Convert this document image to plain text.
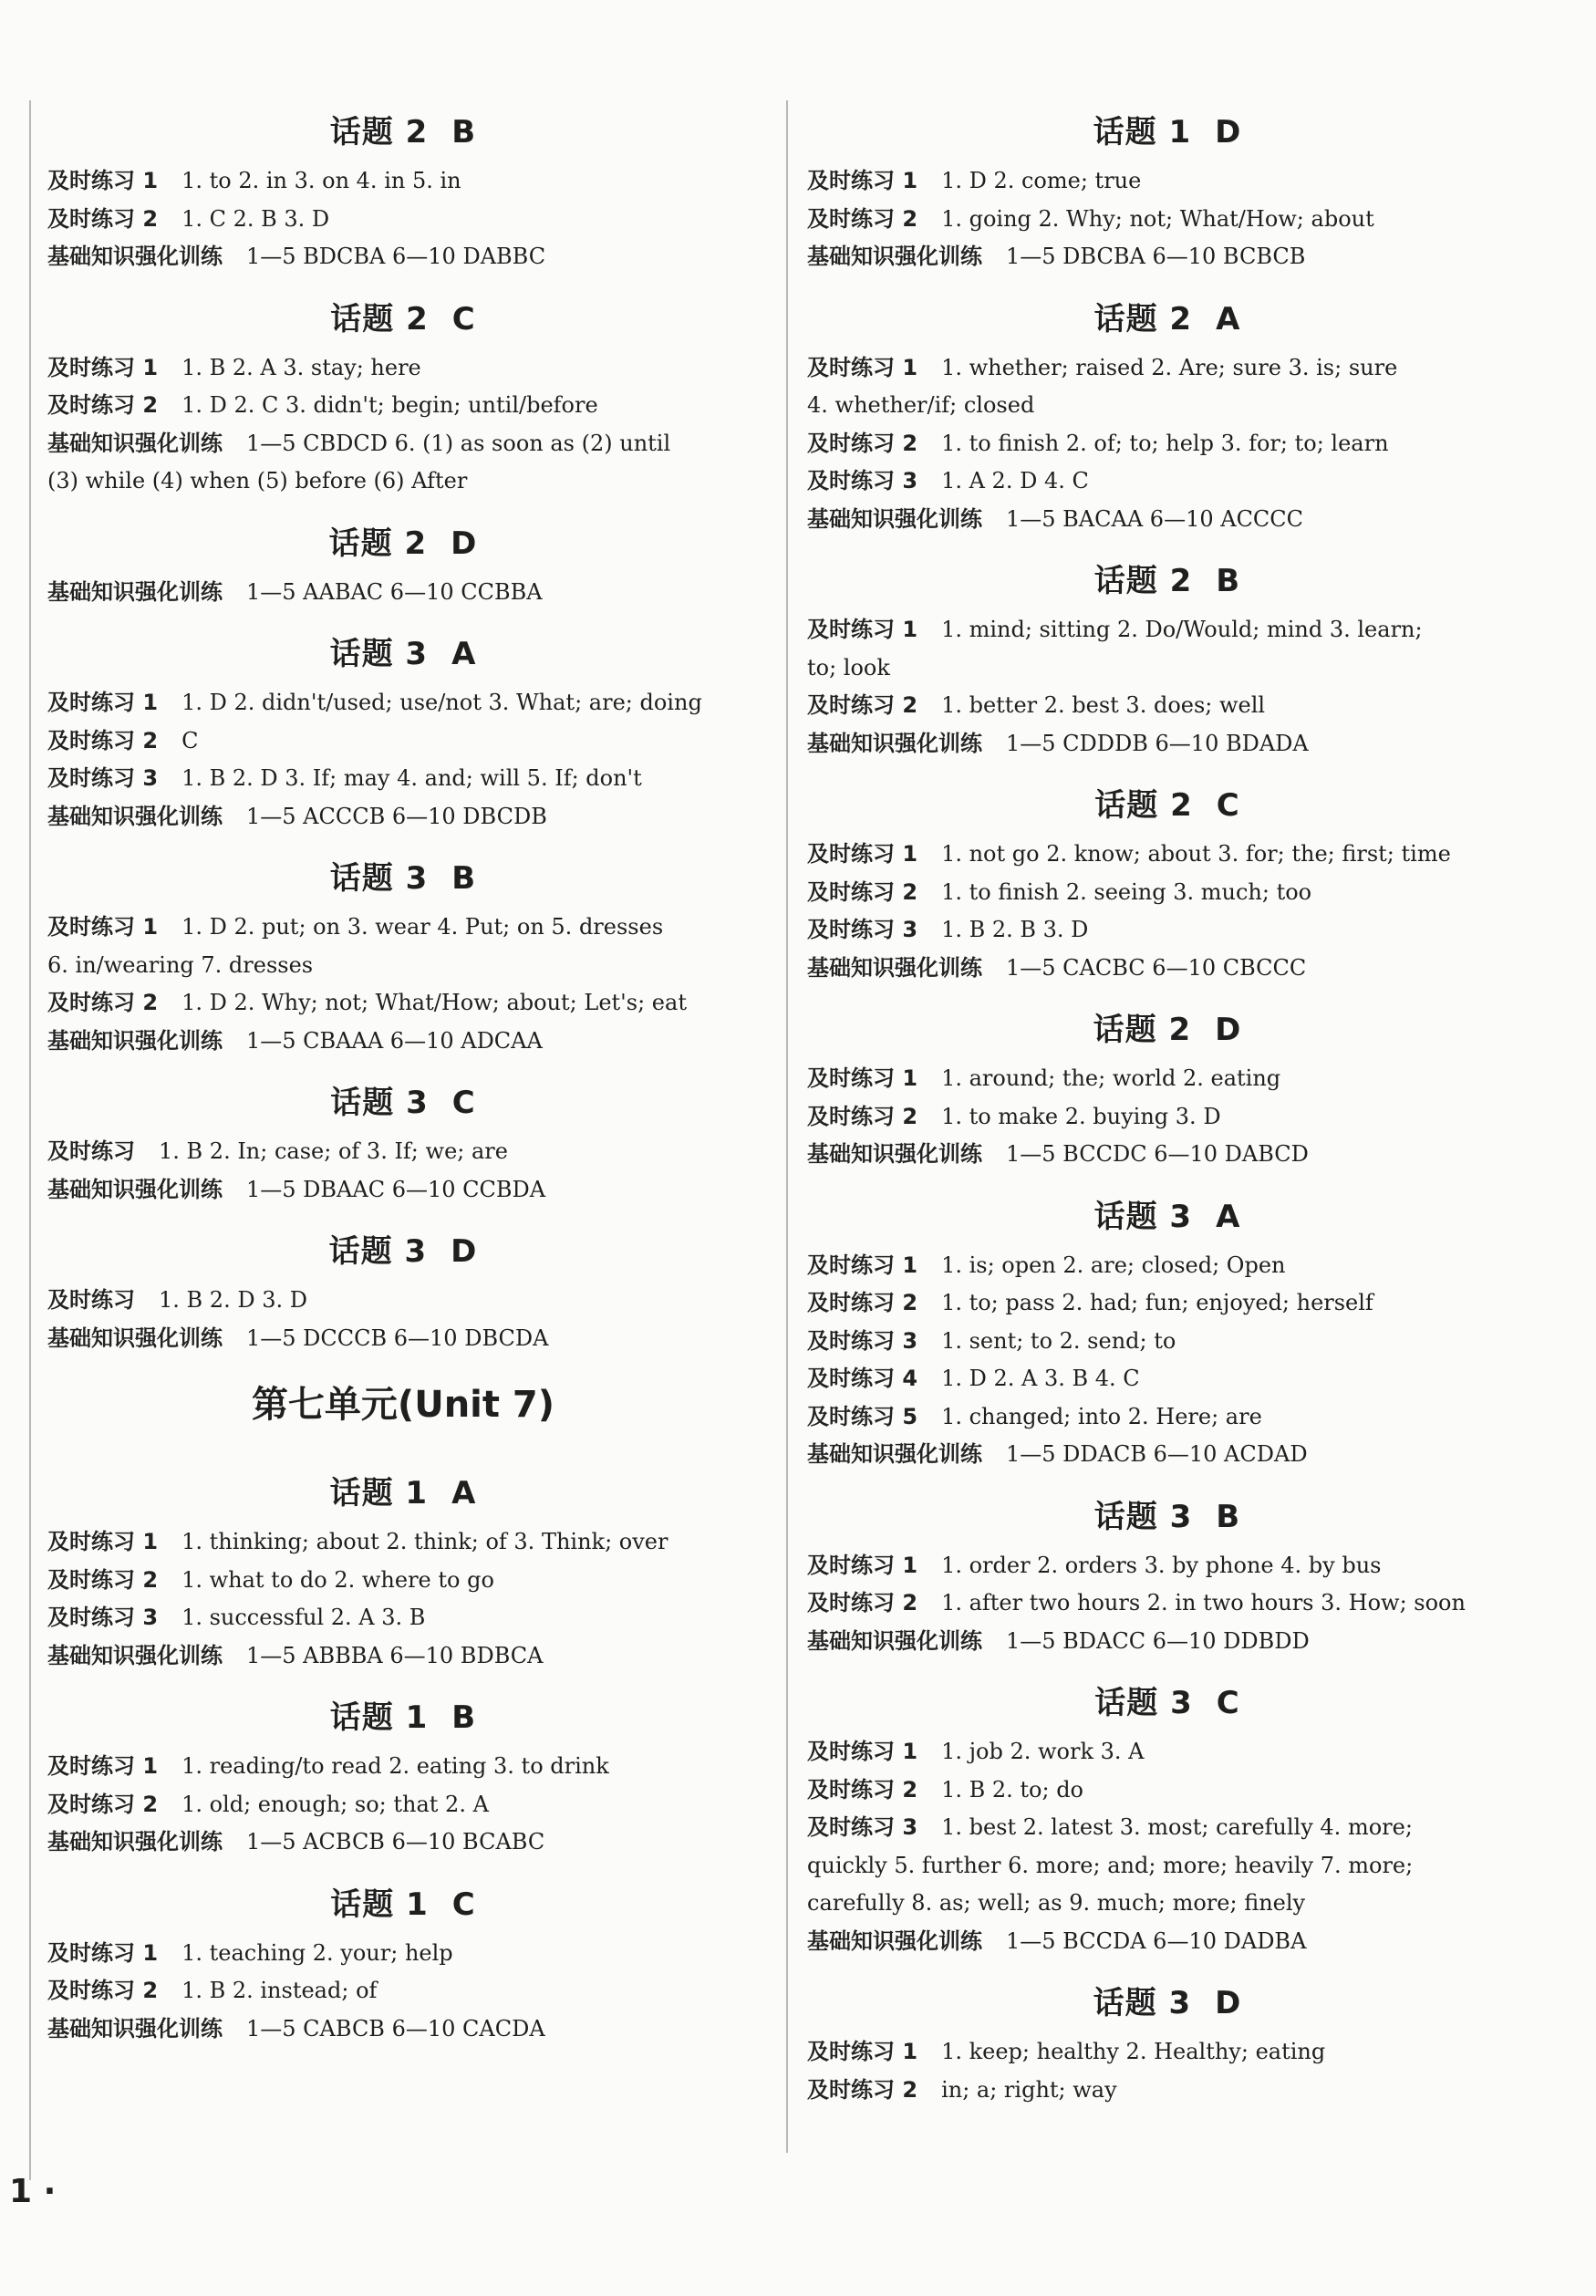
话题 2 B
及时练习 1 1. to 2. in 3. on 4. in 5. in
及时练习 2 1. C 2. B 3. D
基础知识强化训练 1—5 BDCBA 6—10 DABBC
话题 2 C
及时练习 1 1. B 2. A 3. stay; here
及时练习 2 1. D 2. C 3. didn't; begin; until/before
基础知识强化训练 1—5 CBDCD 6. (1) as soon as (2) until
(3) while (4) when (5) before (6) After
话题 2 D
基础知识强化训练 1—5 AABAC 6—10 CCBBA
话题 3 A
及时练习 1 1. D 2. didn't/used; use/not 3. What; are; doing
及时练习 2 C
及时练习 3 1. B 2. D 3. If; may 4. and; will 5. If; don't
基础知识强化训练 1—5 ACCCB 6—10 DBCDB
话题 3 B
及时练习 1 1. D 2. put; on 3. wear 4. Put; on 5. dresses
6. in/wearing 7. dresses
及时练习 2 1. D 2. Why; not; What/How; about; Let's; eat
基础知识强化训练 1—5 CBAAA 6—10 ADCAA
话题 3 C
及时练习 1. B 2. In; case; of 3. If; we; are
基础知识强化训练 1—5 DBAAC 6—10 CCBDA
话题 3 D
及时练习 1. B 2. D 3. D
基础知识强化训练 1—5 DCCCB 6—10 DBCDA
第七单元(Unit 7)
话题 1 A
及时练习 1 1. thinking; about 2. think; of 3. Think; over
及时练习 2 1. what to do 2. where to go
及时练习 3 1. successful 2. A 3. B
基础知识强化训练 1—5 ABBBA 6—10 BDBCA
话题 1 B
及时练习 1 1. reading/to read 2. eating 3. to drink
及时练习 2 1. old; enough; so; that 2. A
基础知识强化训练 1—5 ACBCB 6—10 BCABC
话题 1 C
及时练习 1 1. teaching 2. your; help
及时练习 2 1. B 2. instead; of
基础知识强化训练 1—5 CABCB 6—10 CACDA
话题 1 D
及时练习 1 1. D 2. come; true
及时练习 2 1. going 2. Why; not; What/How; about
基础知识强化训练 1—5 DBCBA 6—10 BCBCB
话题 2 A
及时练习 1 1. whether; raised 2. Are; sure 3. is; sure
4. whether/if; closed
及时练习 2 1. to finish 2. of; to; help 3. for; to; learn
及时练习 3 1. A 2. D 4. C
基础知识强化训练 1—5 BACAA 6—10 ACCCC
话题 2 B
及时练习 1 1. mind; sitting 2. Do/Would; mind 3. learn;
to; look
及时练习 2 1. better 2. best 3. does; well
基础知识强化训练 1—5 CDDDB 6—10 BDADA
话题 2 C
及时练习 1 1. not go 2. know; about 3. for; the; first; time
及时练习 2 1. to finish 2. seeing 3. much; too
及时练习 3 1. B 2. B 3. D
基础知识强化训练 1—5 CACBC 6—10 CBCCC
话题 2 D
及时练习 1 1. around; the; world 2. eating
及时练习 2 1. to make 2. buying 3. D
基础知识强化训练 1—5 BCCDC 6—10 DABCD
话题 3 A
及时练习 1 1. is; open 2. are; closed; Open
及时练习 2 1. to; pass 2. had; fun; enjoyed; herself
及时练习 3 1. sent; to 2. send; to
及时练习 4 1. D 2. A 3. B 4. C
及时练习 5 1. changed; into 2. Here; are
基础知识强化训练 1—5 DDACB 6—10 ACDAD
话题 3 B
及时练习 1 1. order 2. orders 3. by phone 4. by bus
及时练习 2 1. after two hours 2. in two hours 3. How; soon
基础知识强化训练 1—5 BDACC 6—10 DDBDD
话题 3 C
及时练习 1 1. job 2. work 3. A
及时练习 2 1. B 2. to; do
及时练习 3 1. best 2. latest 3. most; carefully 4. more;
quickly 5. further 6. more; and; more; heavily 7. more;
carefully 8. as; well; as 9. much; more; finely
基础知识强化训练 1—5 BCCDA 6—10 DADBA
话题 3 D
及时练习 1 1. keep; healthy 2. Healthy; eating
及时练习 2 in; a; right; way
1 ·
